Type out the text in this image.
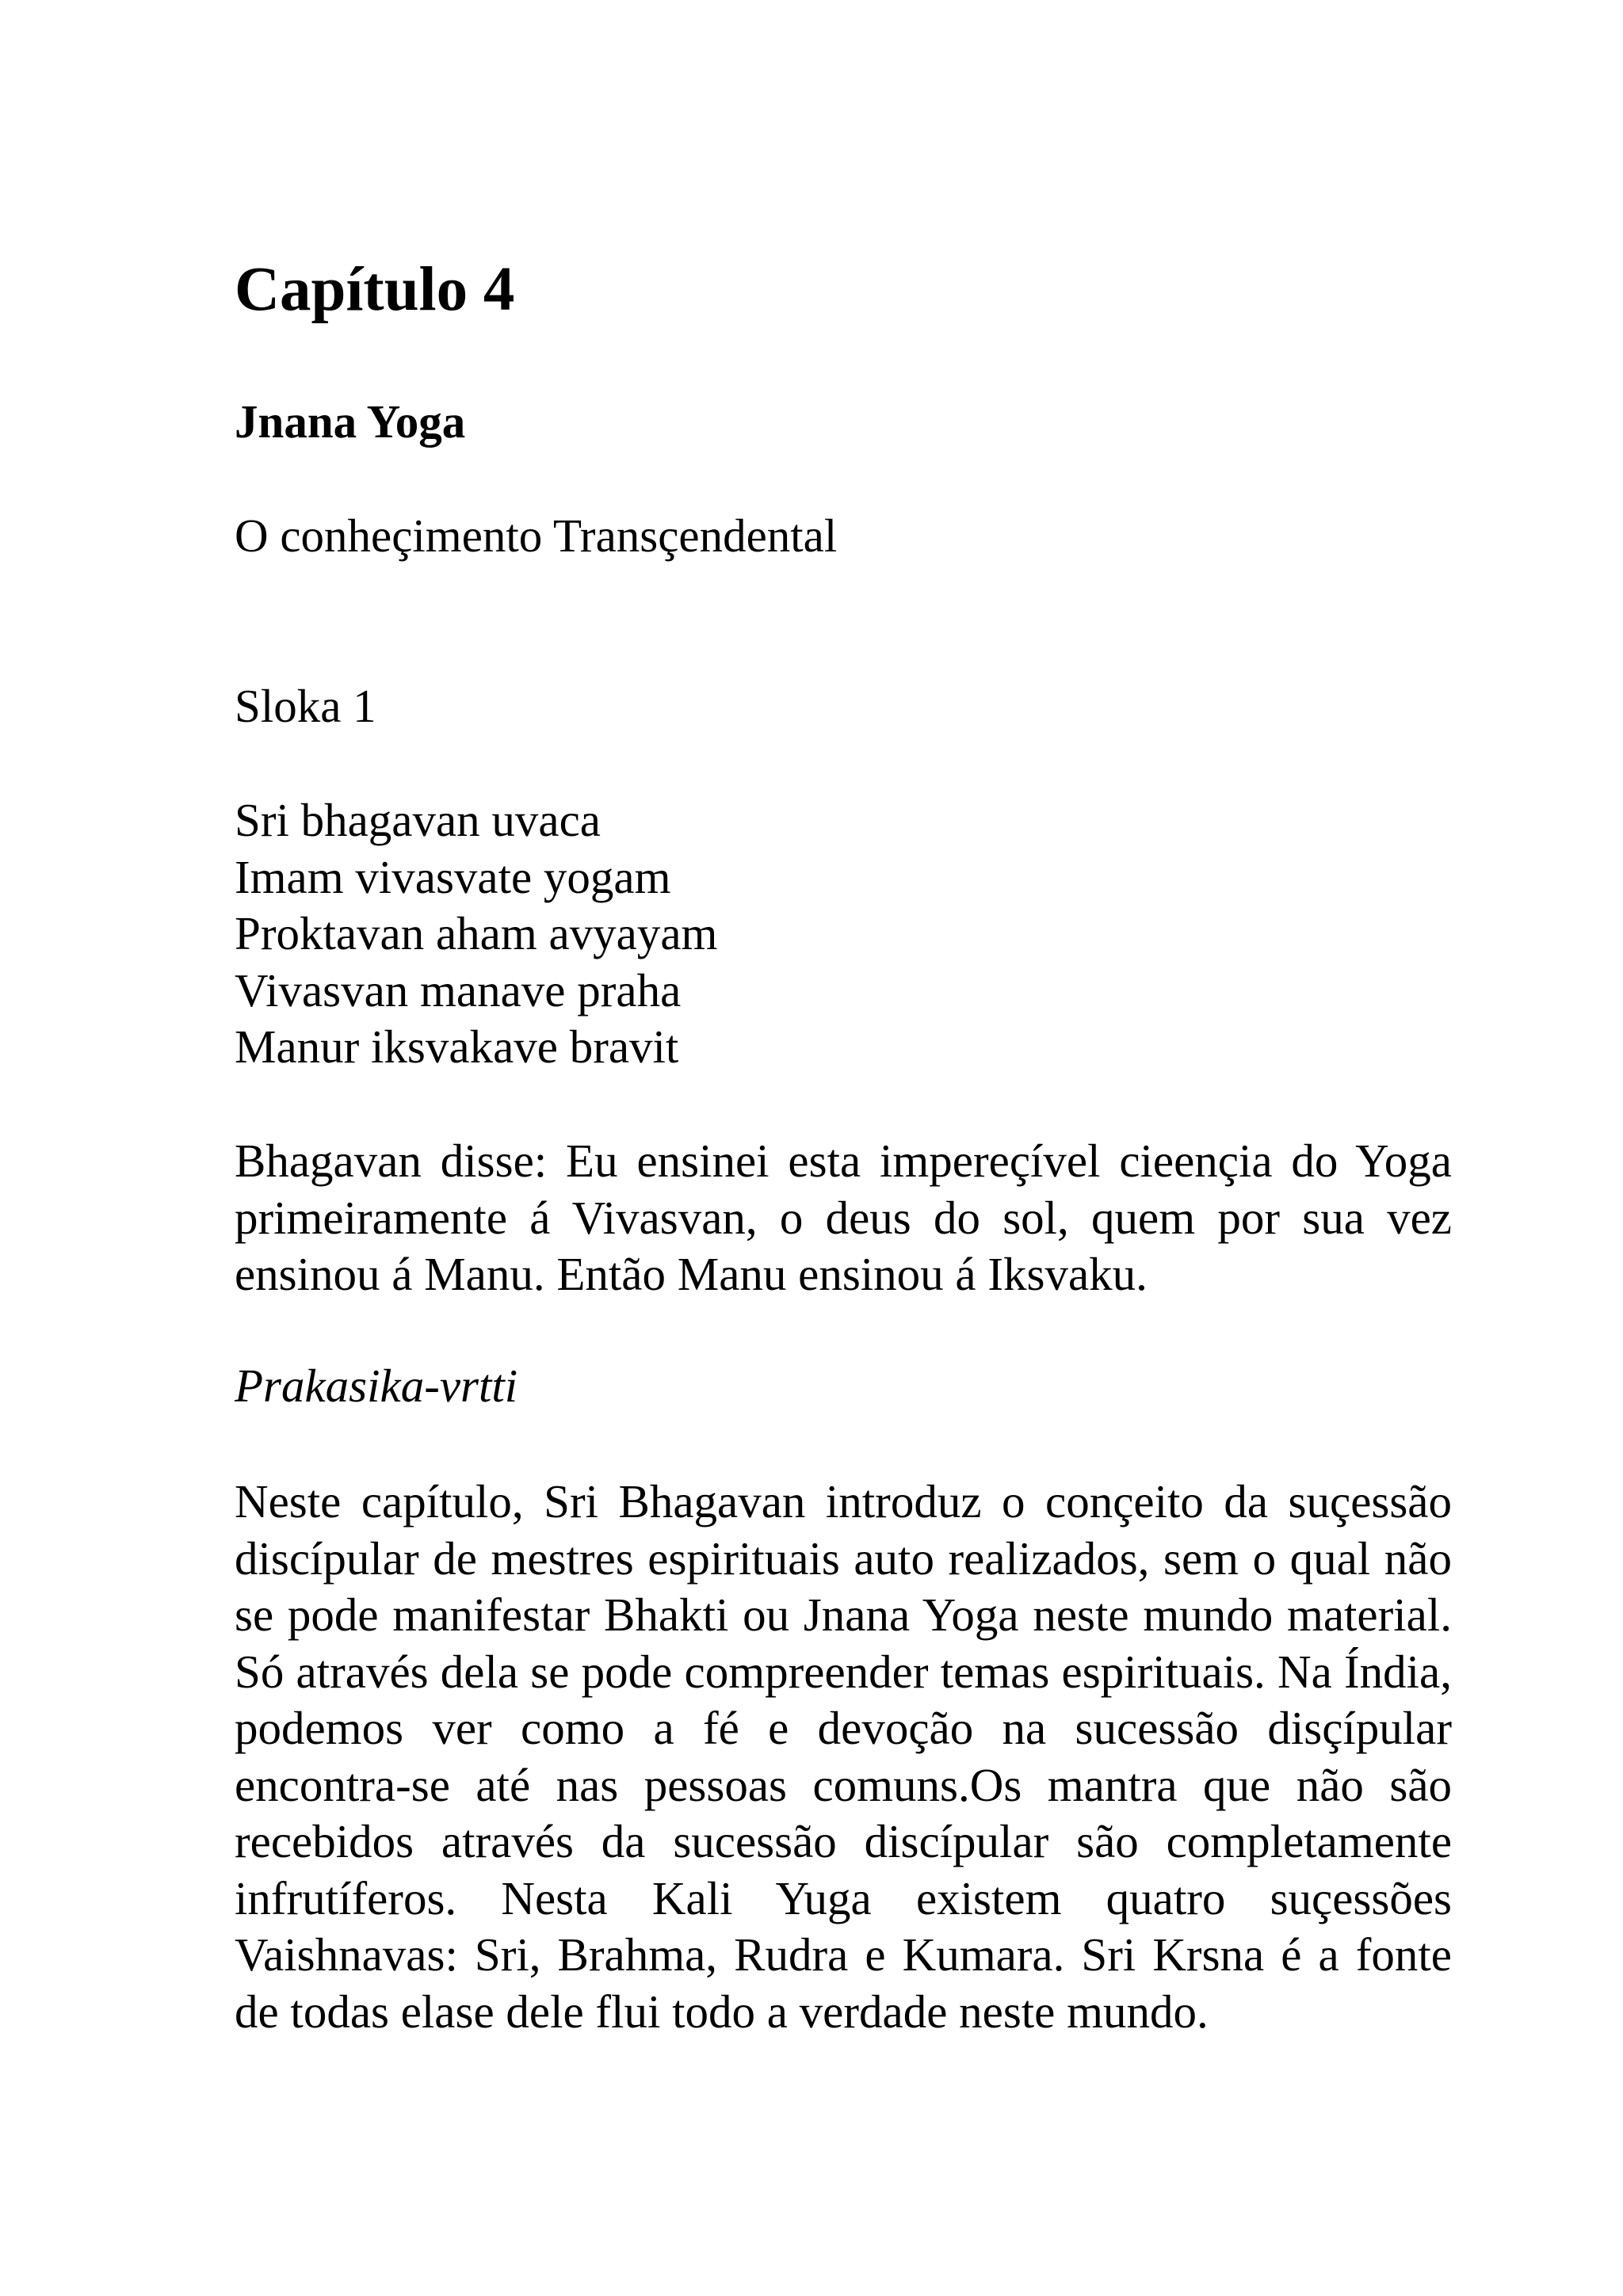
Capítulo 4
Jnana Yoga

O conheçimento Transçendental

Sloka 1

Sri bhagavan uvaca
Imam vivasvate yogam
Proktavan aham avyayam
Vivasvan manave praha
Manur iksvakave bravit

Bhagavan disse: Eu ensinei esta impereçível cieençia do Yoga primeiramente á Vivasvan, o deus do sol, quem por sua vez ensinou á Manu. Então Manu ensinou á Iksvaku.

Prakasika-vrtti

Neste capítulo, Sri Bhagavan introduz o conçeito da suçessão discípular de mestres espirituais auto realizados, sem o qual não se pode manifestar Bhakti ou Jnana Yoga neste mundo material. Só através dela se pode compreender temas espirituais. Na Índia, podemos ver como a fé e devoção na sucessão disçípular encontra-se até nas pessoas comuns.Os mantra que não são recebidos através da sucessão discípular são completamente infrutíferos. Nesta Kali Yuga existem quatro suçessões Vaishnavas: Sri, Brahma, Rudra e Kumara. Sri Krsna é a fonte de todas elase dele flui todo a verdade neste mundo.
